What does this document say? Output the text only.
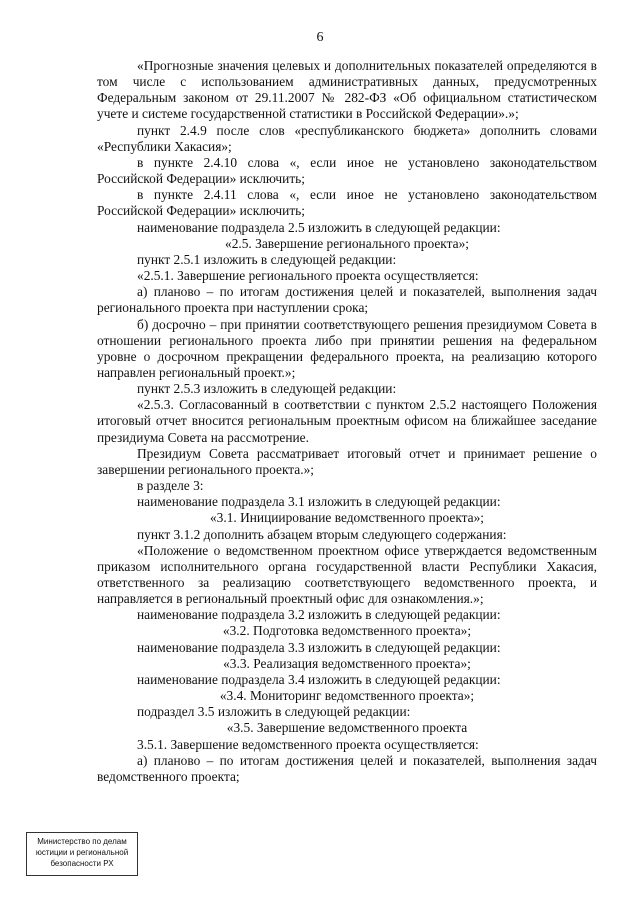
6

«Прогнозные значения целевых и дополнительных показателей определяются в том числе с использованием административных данных, предусмотренных Федеральным законом от 29.11.2007 № 282-ФЗ «Об официальном статистическом учете и системе государственной статистики в Российской Федерации».»;

пункт 2.4.9 после слов «республиканского бюджета» дополнить словами «Республики Хакасия»;

в пункте 2.4.10 слова «, если иное не установлено законодательством Российской Федерации» исключить;

в пункте 2.4.11 слова «, если иное не установлено законодательством Российской Федерации» исключить;

наименование подраздела 2.5 изложить в следующей редакции:

«2.5. Завершение регионального проекта»;

пункт 2.5.1 изложить в следующей редакции:

«2.5.1. Завершение регионального проекта осуществляется:

а) планово – по итогам достижения целей и показателей, выполнения задач регионального проекта при наступлении срока;

б) досрочно – при принятии соответствующего решения президиумом Совета в отношении регионального проекта либо при принятии решения на федеральном уровне о досрочном прекращении федерального проекта, на реализацию которого направлен региональный проект.»;

пункт 2.5.3 изложить в следующей редакции:

«2.5.3. Согласованный в соответствии с пунктом 2.5.2 настоящего Положения итоговый отчет вносится региональным проектным офисом на ближайшее заседание президиума Совета на рассмотрение.

Президиум Совета рассматривает итоговый отчет и принимает решение о завершении регионального проекта.»;

в разделе 3:

наименование подраздела 3.1 изложить в следующей редакции:

«3.1. Инициирование ведомственного проекта»;

пункт 3.1.2 дополнить абзацем вторым следующего содержания:

«Положение о ведомственном проектном офисе утверждается ведомственным приказом исполнительного органа государственной власти Республики Хакасия, ответственного за реализацию соответствующего ведомственного проекта, и направляется в региональный проектный офис для ознакомления.»;

наименование подраздела 3.2 изложить в следующей редакции:

«3.2. Подготовка ведомственного проекта»;

наименование подраздела 3.3 изложить в следующей редакции:

«3.3. Реализация ведомственного проекта»;

наименование подраздела 3.4 изложить в следующей редакции:

«3.4. Мониторинг ведомственного проекта»;

подраздел 3.5 изложить в следующей редакции:

«3.5. Завершение ведомственного проекта

3.5.1. Завершение ведомственного проекта осуществляется:

а) планово – по итогам достижения целей и показателей, выполнения задач ведомственного проекта;

Министерство по делам
юстиции и региональной
безопасности РХ
